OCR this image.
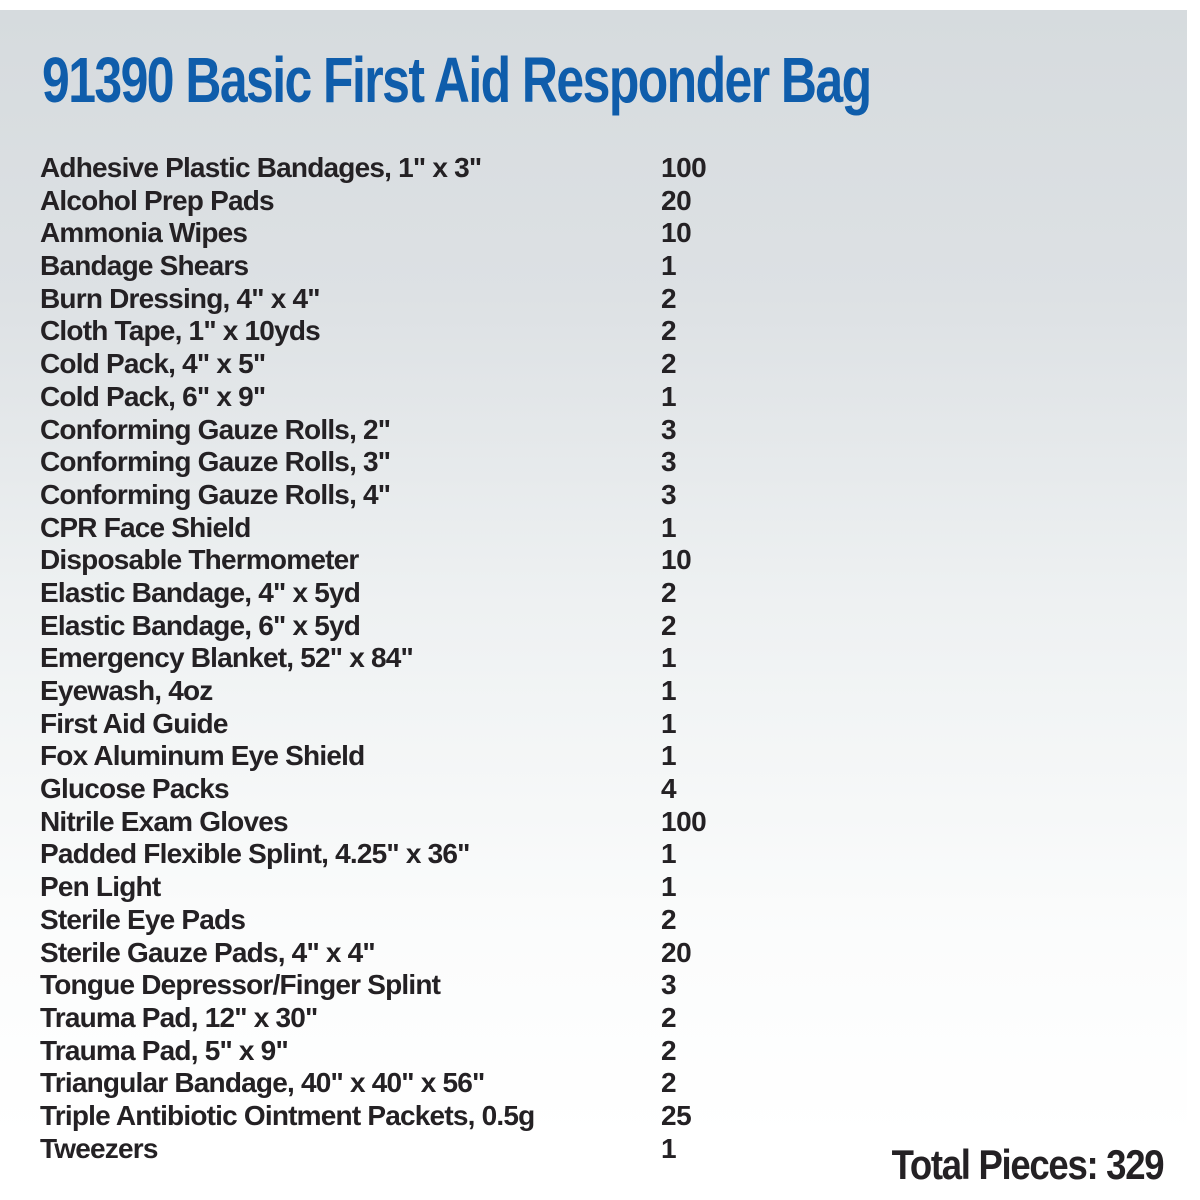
91390 Basic First Aid Responder Bag
Adhesive Plastic Bandages, 1" x 3"	100
Alcohol Prep Pads	20
Ammonia Wipes	10
Bandage Shears	1
Burn Dressing, 4" x 4"	2
Cloth Tape, 1" x 10yds	2
Cold Pack, 4" x 5"	2
Cold Pack, 6" x 9"	1
Conforming Gauze Rolls, 2"	3
Conforming Gauze Rolls, 3"	3
Conforming Gauze Rolls, 4"	3
CPR Face Shield	1
Disposable Thermometer	10
Elastic Bandage, 4" x 5yd	2
Elastic Bandage, 6" x 5yd	2
Emergency Blanket, 52" x 84"	1
Eyewash, 4oz	1
First Aid Guide	1
Fox Aluminum Eye Shield	1
Glucose Packs	4
Nitrile Exam Gloves	100
Padded Flexible Splint, 4.25" x 36"	1
Pen Light	1
Sterile Eye Pads	2
Sterile Gauze Pads, 4" x 4"	20
Tongue Depressor/Finger Splint	3
Trauma Pad, 12" x 30"	2
Trauma Pad, 5" x 9"	2
Triangular Bandage, 40" x 40" x 56"	2
Triple Antibiotic Ointment Packets, 0.5g	25
Tweezers	1	Total Pieces: 329
